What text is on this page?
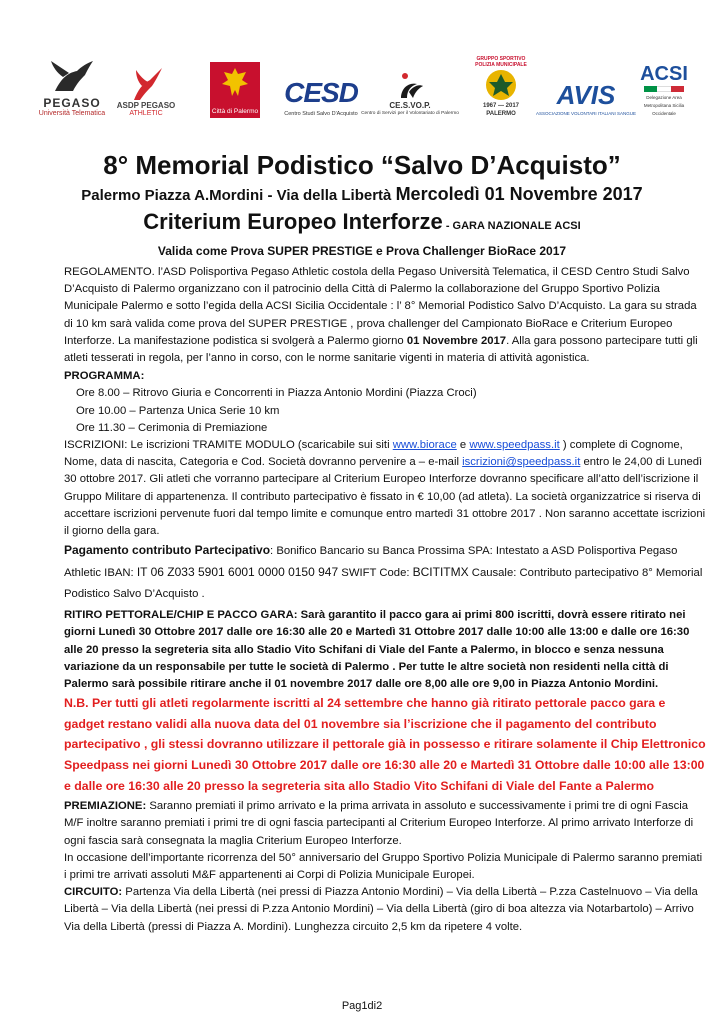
PEGASO
Università Telematica
ASDP PEGASO
ATHLETIC	Città di Palermo
CESD
Centro Studi Salvo D'Acquisto
CE.S.VO.P.
Centro di Servizi per il Volontariato di Palermo
GRUPPO SPORTIVO POLIZIA MUNICIPALE
1967 — 2017
PALERMO
AVIS
ASSOCIAZIONE VOLONTARI ITALIANI SANGUE
ACSI
Delegazione Area Metropolitana Sicilia Occidentale
8° Memorial Podistico “Salvo D’Acquisto”
Palermo Piazza A.Mordini - Via della Libertà Mercoledì 01 Novembre 2017
Criterium Europeo Interforze - GARA NAZIONALE ACSI
Valida come Prova SUPER PRESTIGE e Prova Challenger BioRace 2017

REGOLAMENTO. l’ASD Polisportiva Pegaso Athletic costola della Pegaso Università Telematica, il CESD Centro Studi Salvo D’Acquisto di Palermo organizzano con il patrocinio della Città di Palermo la collaborazione del Gruppo Sportivo Polizia Municipale Palermo e sotto l’egida della ACSI Sicilia Occidentale : l’ 8° Memorial Podistico Salvo D’Acquisto. La gara su strada di 10 km sarà valida come prova del SUPER PRESTIGE , prova challenger del Campionato BioRace e Criterium Europeo Interforze. La manifestazione podistica si svolgerà a Palermo giorno 01 Novembre 2017. Alla gara possono partecipare tutti gli atleti tesserati in regola, per l’anno in corso, con le norme sanitarie vigenti in materia di attività agonistica.

PROGRAMMA:

Ore 8.00 – Ritrovo Giuria e Concorrenti in Piazza Antonio Mordini (Piazza Croci)

Ore 10.00 – Partenza Unica Serie 10 km

Ore 11.30 – Cerimonia di Premiazione

ISCRIZIONI: Le iscrizioni TRAMITE MODULO (scaricabile sui siti www.biorace e www.speedpass.it ) complete di Cognome, Nome, data di nascita, Categoria e Cod. Società dovranno pervenire a – e-mail iscrizioni@speedpass.it entro le 24,00 di Lunedì 30 ottobre 2017. Gli atleti che vorranno partecipare al Criterium Europeo Interforze dovranno specificare all’atto dell’iscrizione il Gruppo Militare di appartenenza. Il contributo partecipativo è fissato in € 10,00 (ad atleta). La società organizzatrice si riserva di accettare iscrizioni pervenute fuori dal tempo limite e comunque entro martedì 31 ottobre 2017 . Non saranno accettate iscrizioni il giorno della gara.

Pagamento contributo Partecipativo: Bonifico Bancario su Banca Prossima SPA: Intestato a ASD Polisportiva Pegaso Athletic IBAN: IT 06 Z033 5901 6001 0000 0150 947 SWIFT Code: BCITITMX Causale: Contributo partecipativo 8° Memorial Podistico Salvo D’Acquisto .

RITIRO PETTORALE/CHIP E PACCO GARA: Sarà garantito il pacco gara ai primi 800 iscritti, dovrà essere ritirato nei giorni Lunedì 30 Ottobre 2017 dalle ore 16:30 alle 20 e Martedì 31 Ottobre 2017 dalle 10:00 alle 13:00 e dalle ore 16:30 alle 20 presso la segreteria sita allo Stadio Vito Schifani di Viale del Fante a Palermo, in blocco e senza nessuna variazione da un responsabile per tutte le società di Palermo . Per tutte le altre società non residenti nella città di Palermo sarà possibile ritirare anche il 01 novembre 2017 dalle ore 8,00 alle ore 9,00 in Piazza Antonio Mordini.

N.B. Per tutti gli atleti regolarmente iscritti al 24 settembre che hanno già ritirato pettorale pacco gara e gadget restano validi alla nuova data del 01 novembre sia l’iscrizione che il pagamento del contributo partecipativo , gli stessi dovranno utilizzare il pettorale già in possesso e ritirare solamente il Chip Elettronico Speedpass nei giorni Lunedì 30 Ottobre 2017 dalle ore 16:30 alle 20 e Martedì 31 Ottobre dalle 10:00 alle 13:00 e dalle ore 16:30 alle 20 presso la segreteria sita allo Stadio Vito Schifani di Viale del Fante a Palermo

PREMIAZIONE: Saranno premiati il primo arrivato e la prima arrivata in assoluto e successivamente i primi tre di ogni Fascia M/F inoltre saranno premiati i primi tre di ogni fascia partecipanti al Criterium Europeo Interforze. Al primo arrivato Interforze di ogni fascia sarà consegnata la maglia Criterium Europeo Interforze.

In occasione dell’importante ricorrenza del 50° anniversario del Gruppo Sportivo Polizia Municipale di Palermo saranno premiati i primi tre arrivati assoluti M&F appartenenti ai Corpi di Polizia Municipale Europei.

CIRCUITO: Partenza Via della Libertà (nei pressi di Piazza Antonio Mordini) – Via della Libertà – P.zza Castelnuovo – Via della Libertà – Via della Libertà (nei pressi di P.zza Antonio Mordini) – Via della Libertà (giro di boa altezza via Notarbartolo) – Arrivo Via della Libertà (pressi di Piazza A. Mordini). Lunghezza circuito 2,5 km da ripetere 4 volte.

Pag1di2
